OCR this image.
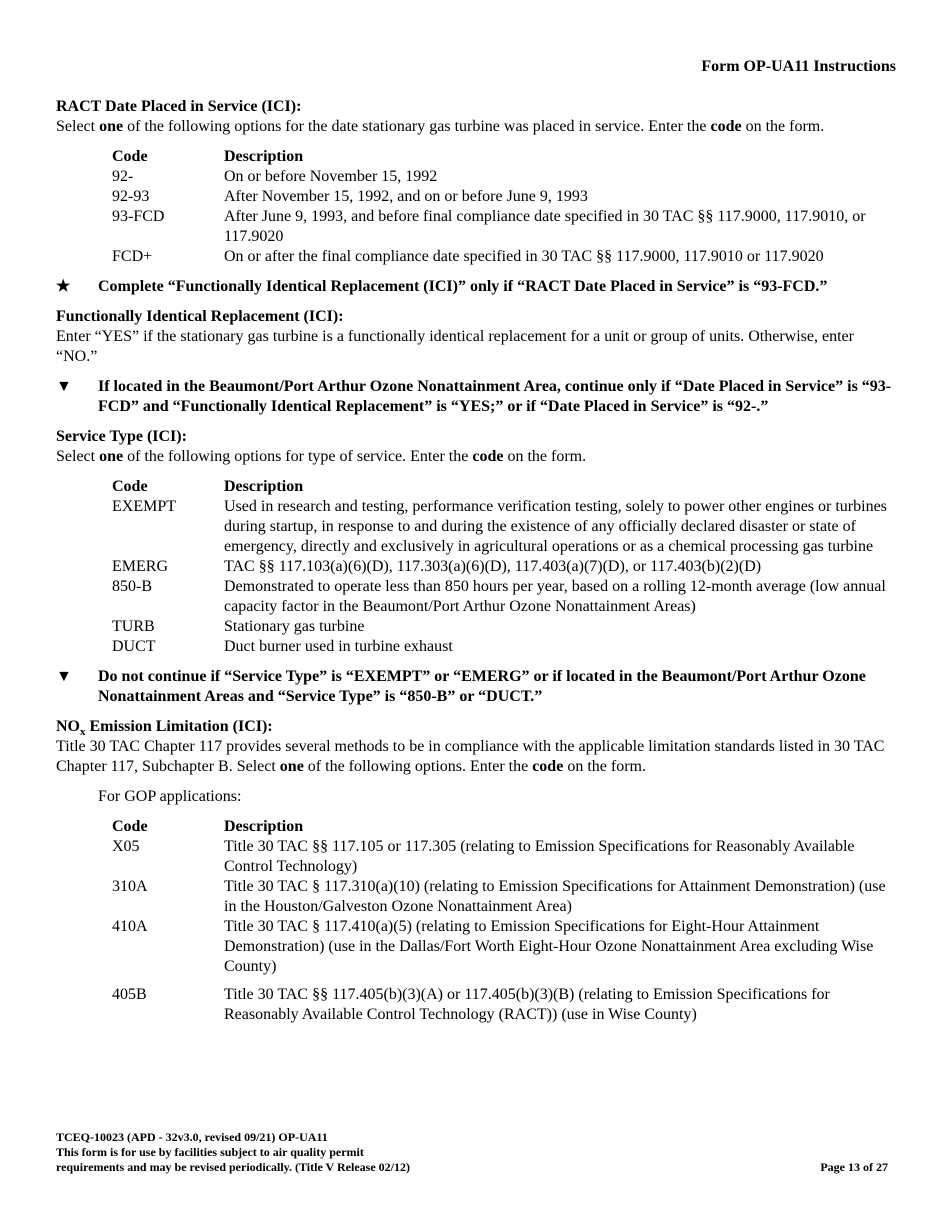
Form OP-UA11 Instructions
RACT Date Placed in Service (ICI):

Select one of the following options for the date stationary gas turbine was placed in service. Enter the code on the form.

Code	Description
92-	On or before November 15, 1992
92-93	After November 15, 1992, and on or before June 9, 1993
93-FCD	After June 9, 1993, and before final compliance date specified in 30 TAC §§ 117.9000, 117.9010, or 117.9020
FCD+	On or after the final compliance date specified in 30 TAC §§ 117.9000, 117.9010 or 117.9020
★	Complete “Functionally Identical Replacement (ICI)” only if “RACT Date Placed in Service” is “93-FCD.”
Functionally Identical Replacement (ICI):

Enter “YES” if the stationary gas turbine is a functionally identical replacement for a unit or group of units. Otherwise, enter “NO.”

▼	If located in the Beaumont/Port Arthur Ozone Nonattainment Area, continue only if “Date Placed in Service” is “93-FCD” and “Functionally Identical Replacement” is “YES;” or if “Date Placed in Service” is “92-.”
Service Type (ICI):

Select one of the following options for type of service. Enter the code on the form.

Code	Description
EXEMPT	Used in research and testing, performance verification testing, solely to power other engines or turbines during startup, in response to and during the existence of any officially declared disaster or state of emergency, directly and exclusively in agricultural operations or as a chemical processing gas turbine
EMERG	TAC §§ 117.103(a)(6)(D), 117.303(a)(6)(D), 117.403(a)(7)(D), or 117.403(b)(2)(D)
850-B	Demonstrated to operate less than 850 hours per year, based on a rolling 12-month average (low annual capacity factor in the Beaumont/Port Arthur Ozone Nonattainment Areas)
TURB	Stationary gas turbine
DUCT	Duct burner used in turbine exhaust
▼	Do not continue if “Service Type” is “EXEMPT” or “EMERG” or if located in the Beaumont/Port Arthur Ozone Nonattainment Areas and “Service Type” is “850-B” or “DUCT.”
$NO_x$ Emission Limitation (ICI):

Title 30 TAC Chapter 117 provides several methods to be in compliance with the applicable limitation standards listed in 30 TAC Chapter 117, Subchapter B. Select one of the following options. Enter the code on the form.

For GOP applications:

Code	Description
X05	Title 30 TAC §§ 117.105 or 117.305 (relating to Emission Specifications for Reasonably Available Control Technology)
310A	Title 30 TAC § 117.310(a)(10) (relating to Emission Specifications for Attainment Demonstration) (use in the Houston/Galveston Ozone Nonattainment Area)
410A	Title 30 TAC § 117.410(a)(5) (relating to Emission Specifications for Eight-Hour Attainment Demonstration) (use in the Dallas/Fort Worth Eight-Hour Ozone Nonattainment Area excluding Wise County)
405B	Title 30 TAC §§ 117.405(b)(3)(A) or 117.405(b)(3)(B) (relating to Emission Specifications for Reasonably Available Control Technology (RACT)) (use in Wise County)
TCEQ-10023 (APD - 32v3.0, revised 09/21) OP-UA11
This form is for use by facilities subject to air quality permit
requirements and may be revised periodically. (Title V Release 02/12)	Page 13 of 27
